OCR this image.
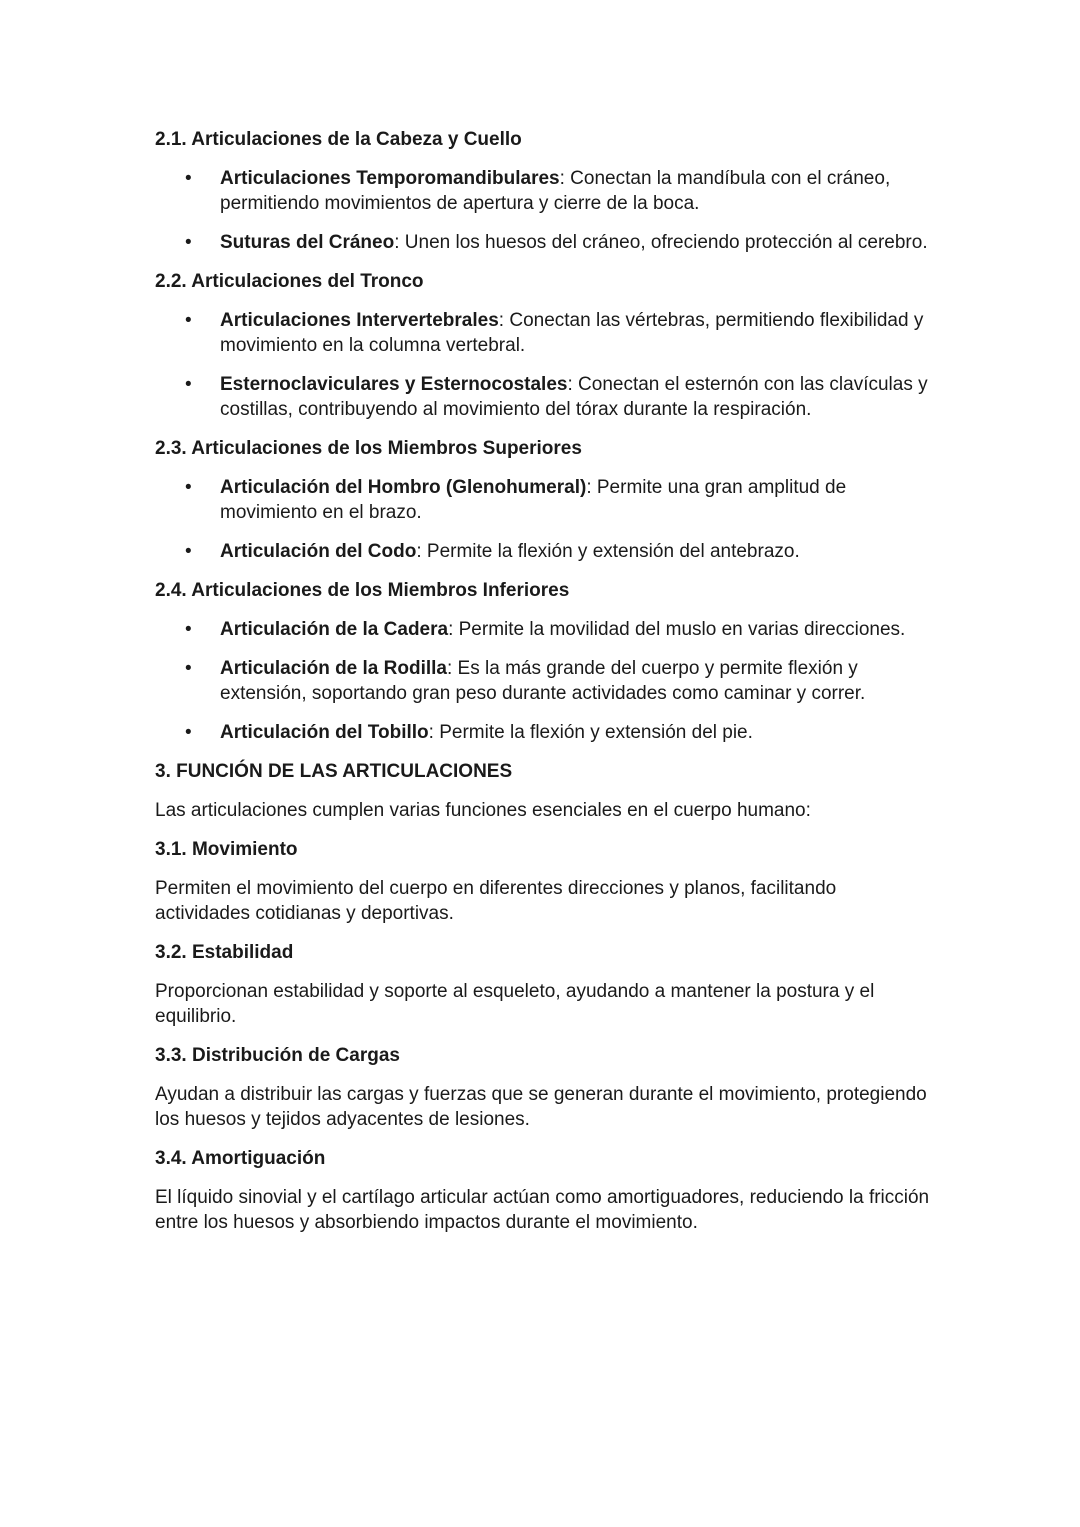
2.1. Articulaciones de la Cabeza y Cuello
• Articulaciones Temporomandibulares: Conectan la mandíbula con el cráneo, permitiendo movimientos de apertura y cierre de la boca.
• Suturas del Cráneo: Unen los huesos del cráneo, ofreciendo protección al cerebro.
2.2. Articulaciones del Tronco
• Articulaciones Intervertebrales: Conectan las vértebras, permitiendo flexibilidad y movimiento en la columna vertebral.
• Esternoclaviculares y Esternocostales: Conectan el esternón con las clavículas y costillas, contribuyendo al movimiento del tórax durante la respiración.
2.3. Articulaciones de los Miembros Superiores
• Articulación del Hombro (Glenohumeral): Permite una gran amplitud de movimiento en el brazo.
• Articulación del Codo: Permite la flexión y extensión del antebrazo.
2.4. Articulaciones de los Miembros Inferiores
• Articulación de la Cadera: Permite la movilidad del muslo en varias direcciones.
• Articulación de la Rodilla: Es la más grande del cuerpo y permite flexión y extensión, soportando gran peso durante actividades como caminar y correr.
• Articulación del Tobillo: Permite la flexión y extensión del pie.
3. FUNCIÓN DE LAS ARTICULACIONES

Las articulaciones cumplen varias funciones esenciales en el cuerpo humano:

3.1. Movimiento

Permiten el movimiento del cuerpo en diferentes direcciones y planos, facilitando actividades cotidianas y deportivas.

3.2. Estabilidad

Proporcionan estabilidad y soporte al esqueleto, ayudando a mantener la postura y el equilibrio.

3.3. Distribución de Cargas

Ayudan a distribuir las cargas y fuerzas que se generan durante el movimiento, protegiendo los huesos y tejidos adyacentes de lesiones.

3.4. Amortiguación

El líquido sinovial y el cartílago articular actúan como amortiguadores, reduciendo la fricción entre los huesos y absorbiendo impactos durante el movimiento.
